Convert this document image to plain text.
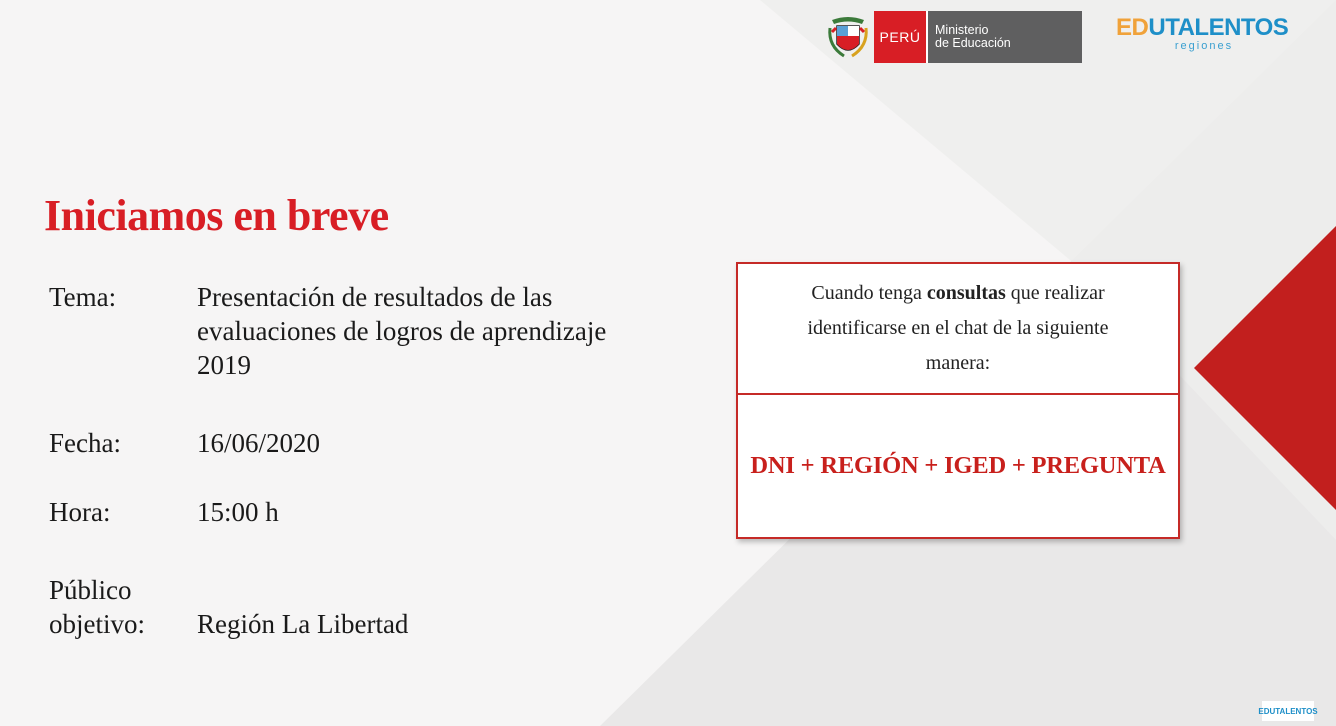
PERÚ	Ministerio
de Educación
EDUTALENTOS
regiones
Iniciamos en breve
Tema:	Presentación de resultados de las
evaluaciones de logros de aprendizaje
2019
Fecha:	16/06/2020
Hora:	15:00 h
Público
objetivo: Región La Libertad
Cuando tenga consultas que realizar identificarse en el chat de la siguiente manera:
DNI + REGIÓN + IGED + PREGUNTA
EDUTALENTOS
